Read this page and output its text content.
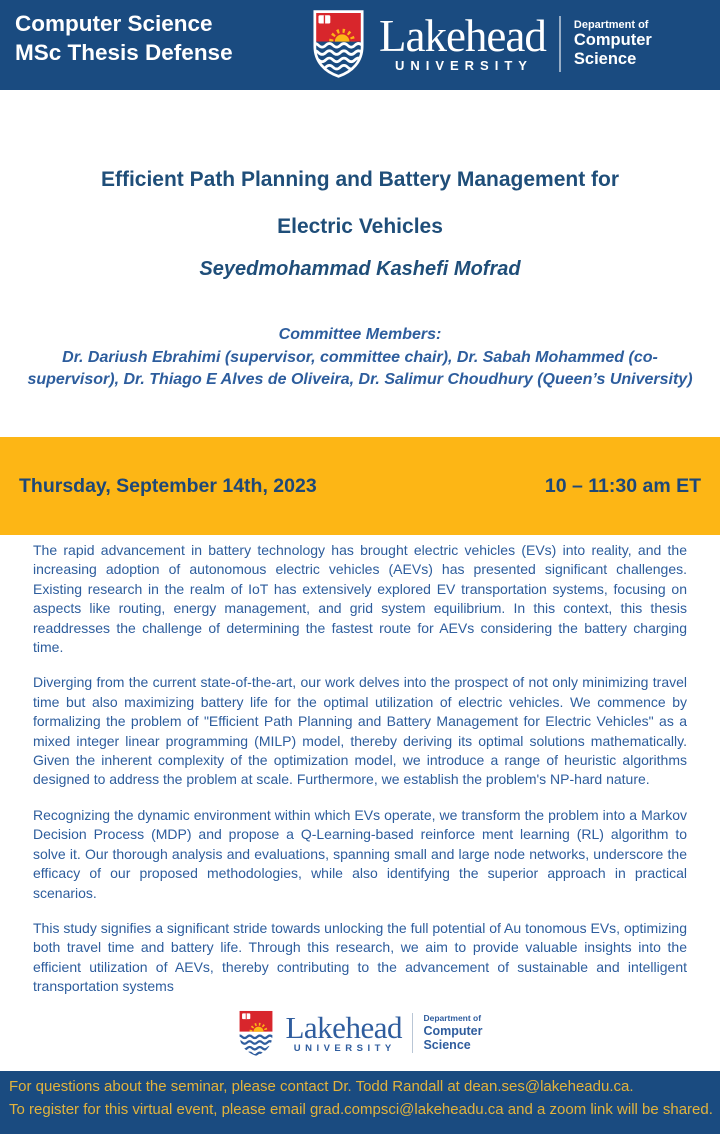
Computer Science
MSc Thesis Defense	Lakehead
UNIVERSITY
Department of
Computer
Science
Efficient Path Planning and Battery Management for
Electric Vehicles
Seyedmohammad Kashefi Mofrad
Committee Members:
Dr. Dariush Ebrahimi (supervisor, committee chair), Dr. Sabah Mohammed (co-
supervisor), Dr. Thiago E Alves de Oliveira, Dr. Salimur Choudhury (Queen’s University)
Thursday, September 14th, 2023	10 – 11:30 am ET

The rapid advancement in battery technology has brought electric vehicles (EVs) into reality, and the increasing adoption of autonomous electric vehicles (AEVs) has presented significant challenges. Existing research in the realm of IoT has extensively explored EV transportation systems, focusing on aspects like routing, energy management, and grid system equilibrium. In this context, this thesis readdresses the challenge of determining the fastest route for AEVs considering the battery charging time.

Diverging from the current state-of-the-art, our work delves into the prospect of not only minimizing travel time but also maximizing battery life for the optimal utilization of electric vehicles. We commence by formalizing the problem of "Efficient Path Planning and Battery Management for Electric Vehicles" as a mixed integer linear programming (MILP) model, thereby deriving its optimal solutions mathematically. Given the inherent complexity of the optimization model, we introduce a range of heuristic algorithms designed to address the problem at scale. Furthermore, we establish the problem's NP-hard nature.

Recognizing the dynamic environment within which EVs operate, we transform the problem into a Markov Decision Process (MDP) and propose a Q-Learning-based reinforce ment learning (RL) algorithm to solve it. Our thorough analysis and evaluations, spanning small and large node networks, underscore the efficacy of our proposed methodologies, while also identifying the superior approach in practical scenarios.

This study signifies a significant stride towards unlocking the full potential of Au tonomous EVs, optimizing both travel time and battery life. Through this research, we aim to provide valuable insights into the efficient utilization of AEVs, thereby contributing to the advancement of sustainable and intelligent transportation systems

Lakehead
UNIVERSITY
Department of
Computer
Science
For questions about the seminar, please contact Dr. Todd Randall at dean.ses@lakeheadu.ca.
To register for this virtual event, please email grad.compsci@lakeheadu.ca and a zoom link will be shared.
